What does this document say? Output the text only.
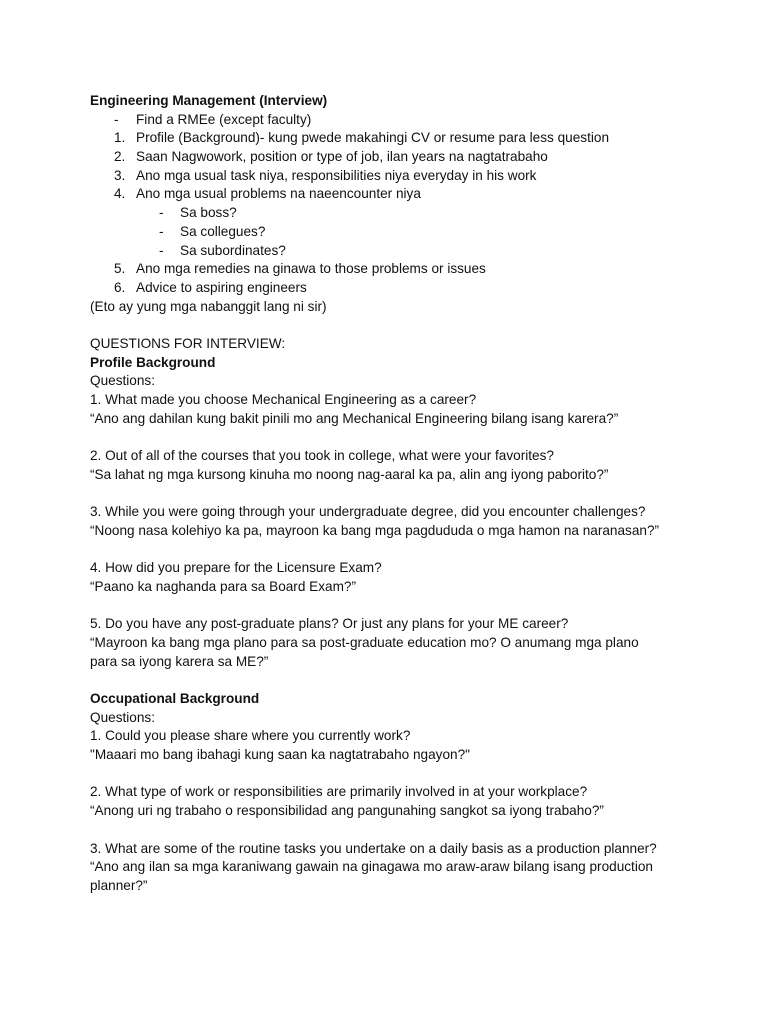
Engineering Management (Interview)
- Find a RMEe (except faculty)
1. Profile (Background)- kung pwede makahingi CV or resume para less question
2. Saan Nagwowork, position or type of job, ilan years na nagtatrabaho
3. Ano mga usual task niya, responsibilities niya everyday in his work
4. Ano mga usual problems na naeencounter niya
- Sa boss?
- Sa collegues?
- Sa subordinates?
5. Ano mga remedies na ginawa to those problems or issues
6. Advice to aspiring engineers
(Eto ay yung mga nabanggit lang ni sir)
QUESTIONS FOR INTERVIEW:
Profile Background
Questions:
1. What made you choose Mechanical Engineering as a career?
“Ano ang dahilan kung bakit pinili mo ang Mechanical Engineering bilang isang karera?”
2. Out of all of the courses that you took in college, what were your favorites?
“Sa lahat ng mga kursong kinuha mo noong nag-aaral ka pa, alin ang iyong paborito?”
3. While you were going through your undergraduate degree, did you encounter challenges?
“Noong nasa kolehiyo ka pa, mayroon ka bang mga pagdududa o mga hamon na naranasan?”
4. How did you prepare for the Licensure Exam?
“Paano ka naghanda para sa Board Exam?”
5. Do you have any post-graduate plans? Or just any plans for your ME career?
“Mayroon ka bang mga plano para sa post-graduate education mo? O anumang mga plano
para sa iyong karera sa ME?”
Occupational Background
Questions:
1. Could you please share where you currently work?
"Maaari mo bang ibahagi kung saan ka nagtatrabaho ngayon?"
2. What type of work or responsibilities are primarily involved in at your workplace?
“Anong uri ng trabaho o responsibilidad ang pangunahing sangkot sa iyong trabaho?”
3. What are some of the routine tasks you undertake on a daily basis as a production planner?
“Ano ang ilan sa mga karaniwang gawain na ginagawa mo araw-araw bilang isang production
planner?”
